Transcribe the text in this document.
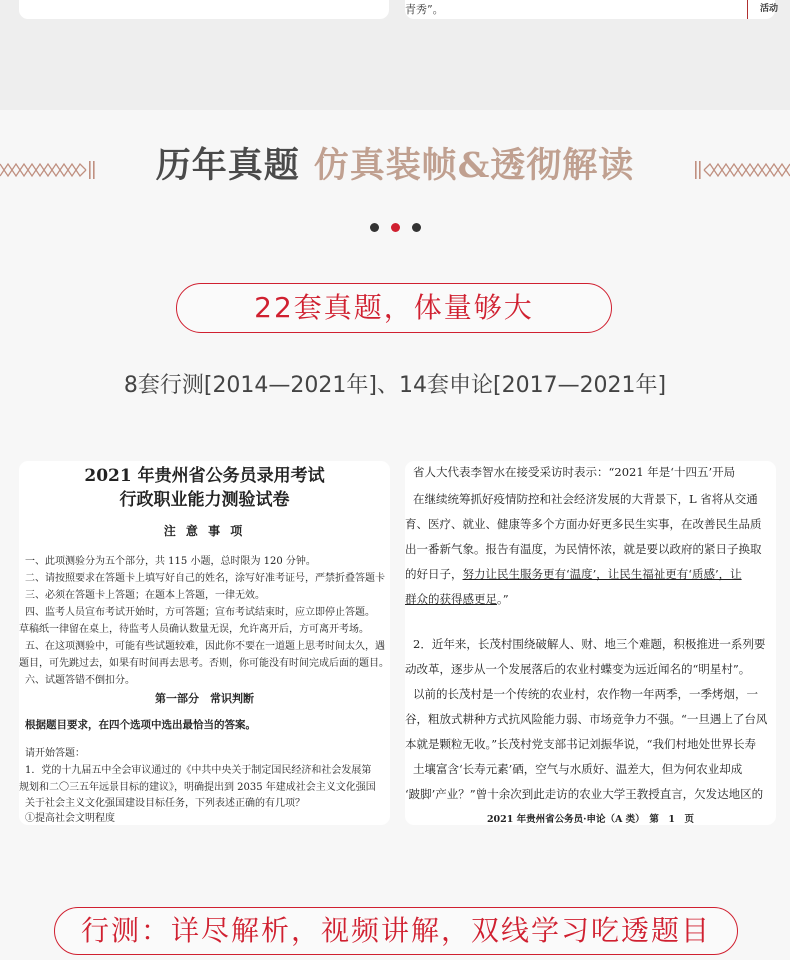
青秀”。	活动
历年真题 仿真装帧&透彻解读
22套真题，体量够大
8套行测[2014—2021年]、14套申论[2017—2021年]
2021 年贵州省公务员录用考试
行政职业能力测验试卷
注 意 事 项
一、此项测验分为五个部分，共 115 小题，总时限为 120 分钟。
二、请按照要求在答题卡上填写好自己的姓名，涂写好准考证号，严禁折叠答题卡
三、必须在答题卡上答题；在题本上答题，一律无效。
四、监考人员宣布考试开始时，方可答题；宣布考试结束时，应立即停止答题。
草稿纸一律留在桌上，待监考人员确认数量无误，允许离开后，方可离开考场。
五、在这项测验中，可能有些试题较难，因此你不要在一道题上思考时间太久，遇
题目，可先跳过去，如果有时间再去思考。否则，你可能没有时间完成后面的题目。
六、试题答错不倒扣分。
第一部分　常识判断
根据题目要求，在四个选项中选出最恰当的答案。
请开始答题：
1．党的十九届五中全会审议通过的《中共中央关于制定国民经济和社会发展第
规划和二〇三五年远景目标的建议》，明确提出到 2035 年建成社会主义文化强国
关于社会主义文化强国建设目标任务，下列表述正确的有几项？
①提高社会文明程度
省人大代表李智水在接受采访时表示：“2021 年是‘十四五’开局
在继续统筹抓好疫情防控和社会经济发展的大背景下，L 省将从交通
育、医疗、就业、健康等多个方面办好更多民生实事，在改善民生品质
出一番新气象。报告有温度，为民情怀浓，就是要以政府的紧日子换取
的好日子，努力让民生服务更有‘温度’，让民生福祉更有‘质感’，让
群众的获得感更足。”
2．近年来，长茂村围绕破解人、财、地三个难题，积极推进一系列要
动改革，逐步从一个发展落后的农业村蝶变为远近闻名的“明星村”。
以前的长茂村是一个传统的农业村，农作物一年两季，一季烤烟，一
谷，粗放式耕种方式抗风险能力弱、市场竞争力不强。“一旦遇上了台风
本就是颗粒无收。”长茂村党支部书记刘振华说，“我们村地处世界长寿
土壤富含‘长寿元素’硒，空气与水质好、温差大，但为何农业却成
‘跛脚’产业？”曾十余次到此走访的农业大学王教授直言，欠发达地区的
2021 年贵州省公务员·申论（A 类）　第　1　页
行测：详尽解析，视频讲解，双线学习吃透题目
